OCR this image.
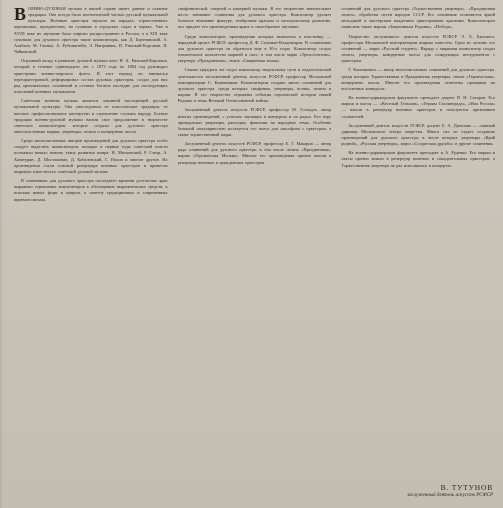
ВОЕННО-ДУХОВАЯ музыка в нашей стране имеет давние и славные традиции. Она всегда была неотъемлемой частью русской музыкальной культуры. Военные оркестры звучали на парадах, торжественных церемониях, празднествах, на гуляньях в городских садах и парках. Уже в XVIII веке их звучание было широко распространено в России, а в XIX веке сочиняли для духового оркестра такие композиторы, как Д. Бортнянский, А. Алябьев, М. Глинка, А. Рубинштейн, Э. Направник, Н. Римский-Корсаков, П. Чайковский.

Огромный вклад в развитие духовой музыки внес Н. А. Римский-Корсаков, который в течение одиннадцати лет с 1873 года по 1884 год руководил оркестрами военно-морского флота. В этот период он занимался переоркестровкой, реформировал состав духовых оркестров, создал для них ряд оригинальных сочинений и оставил богатое наследие для последующих поколений военных музыкантов.

Советская военная музыка является законной наследницей русской музыкальной культуры. Она унаследовала ее классические традиции, ее высокое профессиональное мастерство и стремление служить народу. Боевые традиции военно-духовой музыки нашли свое продолжение в творчестве советских композиторов, которые создали для духового оркестра многочисленные марши, увертюры, сюиты и концертные пьесы.

Среди многочисленных авторов произведений для духового оркестра особо следует выделить композиторов, которые в первые годы советской власти положили начало новому этапу развития жанра: Н. Мясковский, Р. Глиэр, А. Хачатурян, Д. Шостакович, Д. Кабалевский, Г. Попов и многие другие. Их произведения стали основой репертуара военных оркестров и принесли широкую известность советской духовой музыке.

В сочинениях для духового оркестра последнего времени достаточно ярко выражено стремление композиторов к обогащению выразительных средств, к поискам новых форм и жанров, к синтезу традиционных и современных приемов письма.

симфонической, оперной и камерной музыки. В его творчестве значительное место занимают сочинения для духового оркестра. Композитор уделяет большое внимание фактуре, тембровым краскам и мелодическому развитию, что придает его произведениям яркое и своеобразное звучание.

Среди композиторов, произведения которых включены в пластинку, — народный артист РСФСР, профессор Д. Ф. Салиман-Владимиров. В сочинениях для духового оркестра он обратился еще в 30-х годах. Композитор создал значительное количество маршей и пьес, в том числе марш «Трехсотлетию», увертюру «Праздничная», сюиту «Священная земля».

Свыше тридцати лет отдал композитор творческому пути и педагогической деятельности заслуженный деятель искусств РСФСР, профессор Московской консерватории С. Кожевников. Композитором создано много сочинений для духового оркестра, среди которых симфонии, увертюры, поэмы, сюиты и марши. В его творчестве отражены события героической истории нашей Родины и темы Великой Отечественной войны.

Заслуженный деятель искусств РСФСР, профессор М. Гоглидзе, автор многих произведений, с успехом звучащих в концертах и по радио. Его перу принадлежат увертюры, рапсодии, фантазии на народные темы. Особенно большой популярностью пользуется его пьеса для саксофона с оркестром, а также торжественный марш.

Заслуженный деятель искусств РСФСР, профессор Е. Г. Макаров — автор ряда сочинений для духового оркестра, в том числе сюиты «Праздничная», марша «Героическая Москва». Многие его произведения прочно вошли в репертуар военных и гражданских оркестров.

сочинений для духового оркестра «Торжественная увертюра», «Праздничная сюита», обработки песен народов СССР. Его сочинения отличаются яркой мелодикой и мастерским владением оркестровыми красками. Композитором написаны также марши «Защитникам Родины», «Победа».

Творчество заслуженного деятеля искусств РСФСР Э. Б. Бяпского, профессора Московской консерватории широко известно. Одно из лучших его сочинений — марш «Русский студент». Наряду с маршами композитор создал сюиты, увертюры, концертные пьесы для солирующих инструментов с оркестром.

Г. Калинкович — автор многочисленных сочинений для духового оркестра, среди которых Торжественная и Праздничная увертюры, сюита «Героическая», концертные пьесы. Многие его произведения отмечены премиями на всесоюзных конкурсах.

На военно-дирижерском факультете преподает доцент П. Н. Сахаров. Его марши и пьесы — «Веселый Тельман», «Героям Сталинграда», «Моя Россия» — вошли в репертуар военных оркестров и пользуются признанием слушателей.

Заслуженный деятель искусств РСФСР, доцент Б. А. Двеклань — главный дирижер Московского театра оперетты. Много сил он отдает созданию произведений для духового оркестра, в числе которых увертюры «Край родной», «Русская увертюра», марш «Солдатская дружба» и другие сочинения.

На военно-дирижерском факультете преподает и А. Руденко. Его марши и пьесы прочно вошли в репертуар военных и самодеятельных оркестров, а Торжественная увертюра не раз исполнялась в концертах.

В. ТУТУНОВ
заслуженный деятель искусств РСФСР
